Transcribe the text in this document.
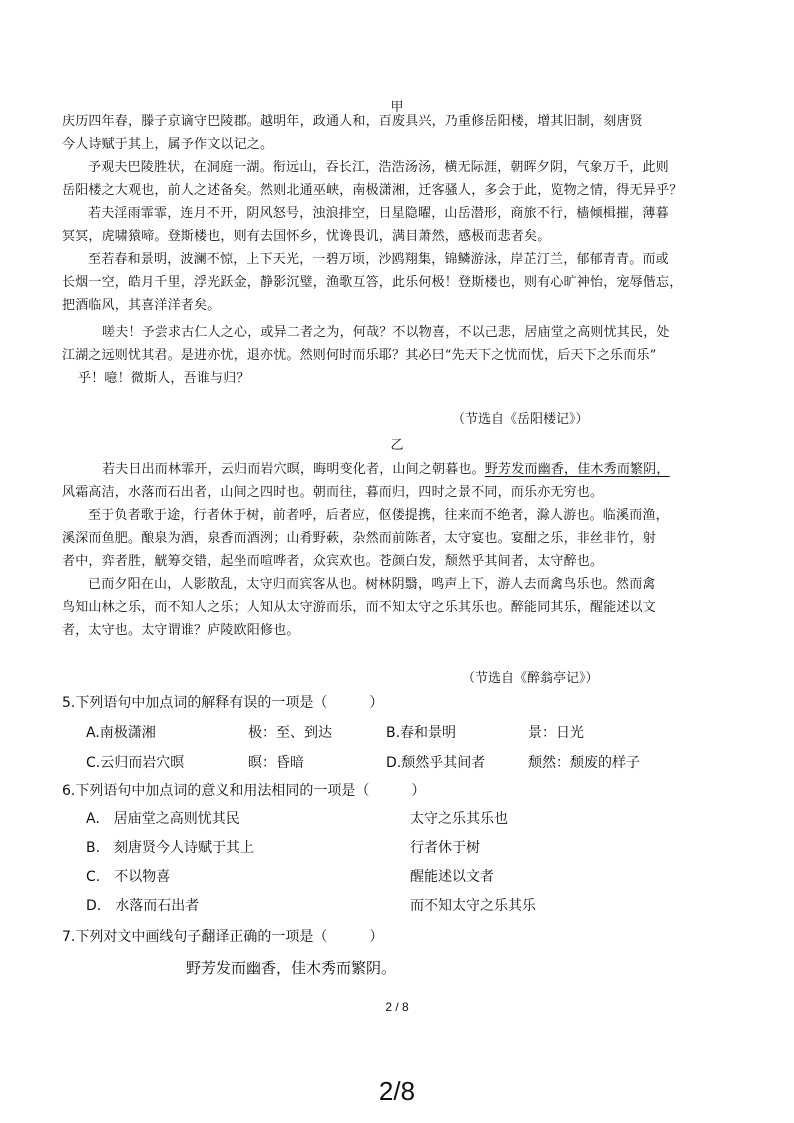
甲
庆历四年春，滕子京谪守巴陵郡。越明年，政通人和，百废具兴，乃重修岳阳楼，增其旧制，刻唐贤
今人诗赋于其上，属予作文以记之。
予观夫巴陵胜状，在洞庭一湖。衔远山，吞长江，浩浩汤汤，横无际涯，朝晖夕阴，气象万千，此则
岳阳楼之大观也，前人之述备矣。然则北通巫峡，南极潇湘，迁客骚人，多会于此，览物之情，得无异乎？
若夫淫雨霏霏，连月不开，阴风怒号，浊浪排空，日星隐曜，山岳潜形，商旅不行，樯倾楫摧，薄暮
冥冥，虎啸猿啼。登斯楼也，则有去国怀乡，忧谗畏讥，满目萧然，感极而悲者矣。
至若春和景明，波澜不惊，上下天光，一碧万顷，沙鸥翔集，锦鳞游泳，岸芷汀兰，郁郁青青。而或
长烟一空，皓月千里，浮光跃金，静影沉璧，渔歌互答，此乐何极！登斯楼也，则有心旷神怡，宠辱偕忘，
把酒临风，其喜洋洋者矣。
嗟夫！予尝求古仁人之心，或异二者之为，何哉？不以物喜，不以己悲，居庙堂之高则忧其民，处
江湖之远则忧其君。是进亦忧，退亦忧。然则何时而乐耶？其必曰“先天下之忧而忧，后天下之乐而乐”
乎！噫！微斯人，吾谁与归？
（节选自《岳阳楼记》）
乙
若夫日出而林霏开，云归而岩穴暝，晦明变化者，山间之朝暮也。野芳发而幽香，佳木秀而繁阴，
风霜高洁，水落而石出者，山间之四时也。朝而往，暮而归，四时之景不同，而乐亦无穷也。
至于负者歌于途，行者休于树，前者呼，后者应，伛偻提携，往来而不绝者，滁人游也。临溪而渔，
溪深而鱼肥。酿泉为酒，泉香而酒洌；山肴野蔌，杂然而前陈者，太守宴也。宴酣之乐，非丝非竹，射
者中，弈者胜，觥筹交错，起坐而喧哗者，众宾欢也。苍颜白发，颓然乎其间者，太守醉也。
已而夕阳在山，人影散乱，太守归而宾客从也。树林阴翳，鸣声上下，游人去而禽鸟乐也。然而禽
鸟知山林之乐，而不知人之乐；人知从太守游而乐，而不知太守之乐其乐也。醉能同其乐，醒能述以文
者，太守也。太守谓谁？庐陵欧阳修也。
（节选自《醉翁亭记》）
5.下列语句中加点词的解释有误的一项是（　　　）
A.南极潇湘	极：至、到达	B.春和景明	景：日光
C.云归而岩穴暝	暝：昏暗	D.颓然乎其间者	颓然：颓废的样子
6.下列语句中加点词的意义和用法相同的一项是（　　　）
A.　居庙堂之高则忧其民	太守之乐其乐也
B.　刻唐贤今人诗赋于其上	行者休于树
C.　不以物喜	醒能述以文者
D.　水落而石出者	而不知太守之乐其乐
7.下列对文中画线句子翻译正确的一项是（　　　）
野芳发而幽香，佳木秀而繁阴。
2 / 8
2/8
